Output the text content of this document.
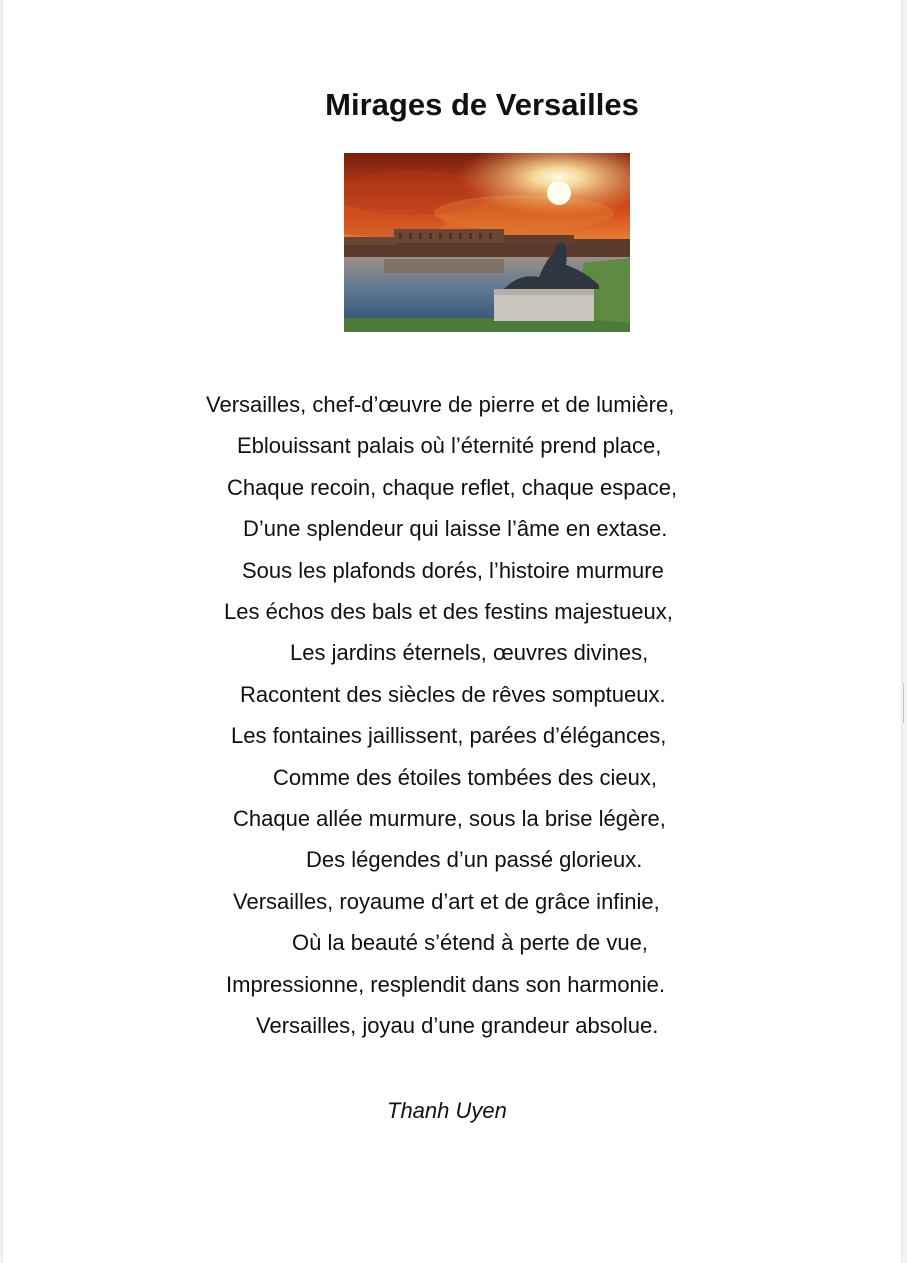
Mirages de Versailles
Versailles, chef-d’œuvre de pierre et de lumière,
Eblouissant palais où l’éternité prend place,
Chaque recoin, chaque reflet, chaque espace,
D’une splendeur qui laisse l’âme en extase.
Sous les plafonds dorés, l’histoire murmure
Les échos des bals et des festins majestueux,
Les jardins éternels, œuvres divines,
Racontent des siècles de rêves somptueux.
Les fontaines jaillissent, parées d’élégances,
Comme des étoiles tombées des cieux,
Chaque allée murmure, sous la brise légère,
Des légendes d’un passé glorieux.
Versailles, royaume d’art et de grâce infinie,
Où la beauté s’étend à perte de vue,
Impressionne, resplendit dans son harmonie.
Versailles, joyau d’une grandeur absolue.
Thanh Uyen
